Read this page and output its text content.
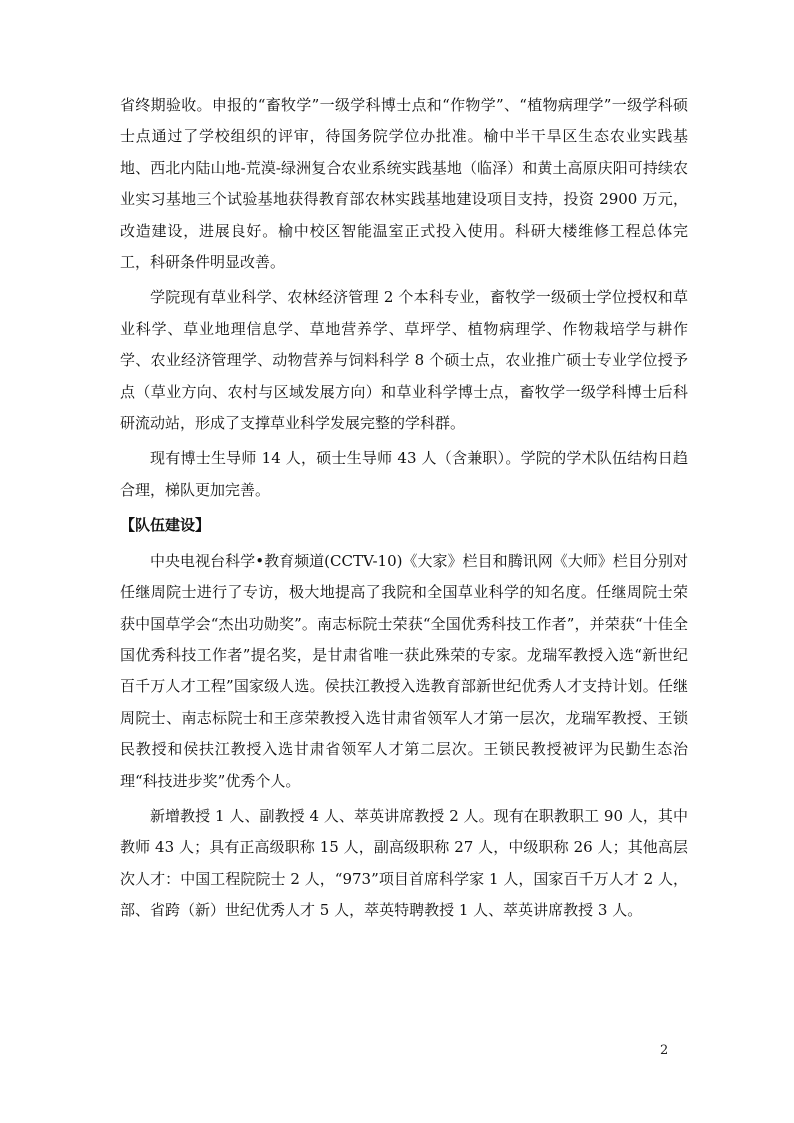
省终期验收。申报的“畜牧学”一级学科博士点和“作物学”、“植物病理学”一级学科硕士点通过了学校组织的评审，待国务院学位办批准。榆中半干旱区生态农业实践基地、西北内陆山地-荒漠-绿洲复合农业系统实践基地（临泽）和黄土高原庆阳可持续农业实习基地三个试验基地获得教育部农林实践基地建设项目支持，投资 2900 万元，改造建设，进展良好。榆中校区智能温室正式投入使用。科研大楼维修工程总体完工，科研条件明显改善。

学院现有草业科学、农林经济管理 2 个本科专业，畜牧学一级硕士学位授权和草业科学、草业地理信息学、草地营养学、草坪学、植物病理学、作物栽培学与耕作学、农业经济管理学、动物营养与饲料科学 8 个硕士点，农业推广硕士专业学位授予点（草业方向、农村与区域发展方向）和草业科学博士点，畜牧学一级学科博士后科研流动站，形成了支撑草业科学发展完整的学科群。

现有博士生导师 14 人，硕士生导师 43 人（含兼职）。学院的学术队伍结构日趋合理，梯队更加完善。

【队伍建设】

中央电视台科学•教育频道(CCTV-10)《大家》栏目和腾讯网《大师》栏目分别对任继周院士进行了专访，极大地提高了我院和全国草业科学的知名度。任继周院士荣获中国草学会“杰出功勋奖”。南志标院士荣获“全国优秀科技工作者”，并荣获“十佳全国优秀科技工作者”提名奖，是甘肃省唯一获此殊荣的专家。龙瑞军教授入选“新世纪百千万人才工程”国家级人选。侯扶江教授入选教育部新世纪优秀人才支持计划。任继周院士、南志标院士和王彦荣教授入选甘肃省领军人才第一层次，龙瑞军教授、王锁民教授和侯扶江教授入选甘肃省领军人才第二层次。王锁民教授被评为民勤生态治理“科技进步奖”优秀个人。

新增教授 1 人、副教授 4 人、萃英讲席教授 2 人。现有在职教职工 90 人，其中教师 43 人；具有正高级职称 15 人，副高级职称 27 人，中级职称 26 人；其他高层次人才：中国工程院院士 2 人，“973”项目首席科学家 1 人，国家百千万人才 2 人，部、省跨（新）世纪优秀人才 5 人，萃英特聘教授 1 人、萃英讲席教授 3 人。

2
